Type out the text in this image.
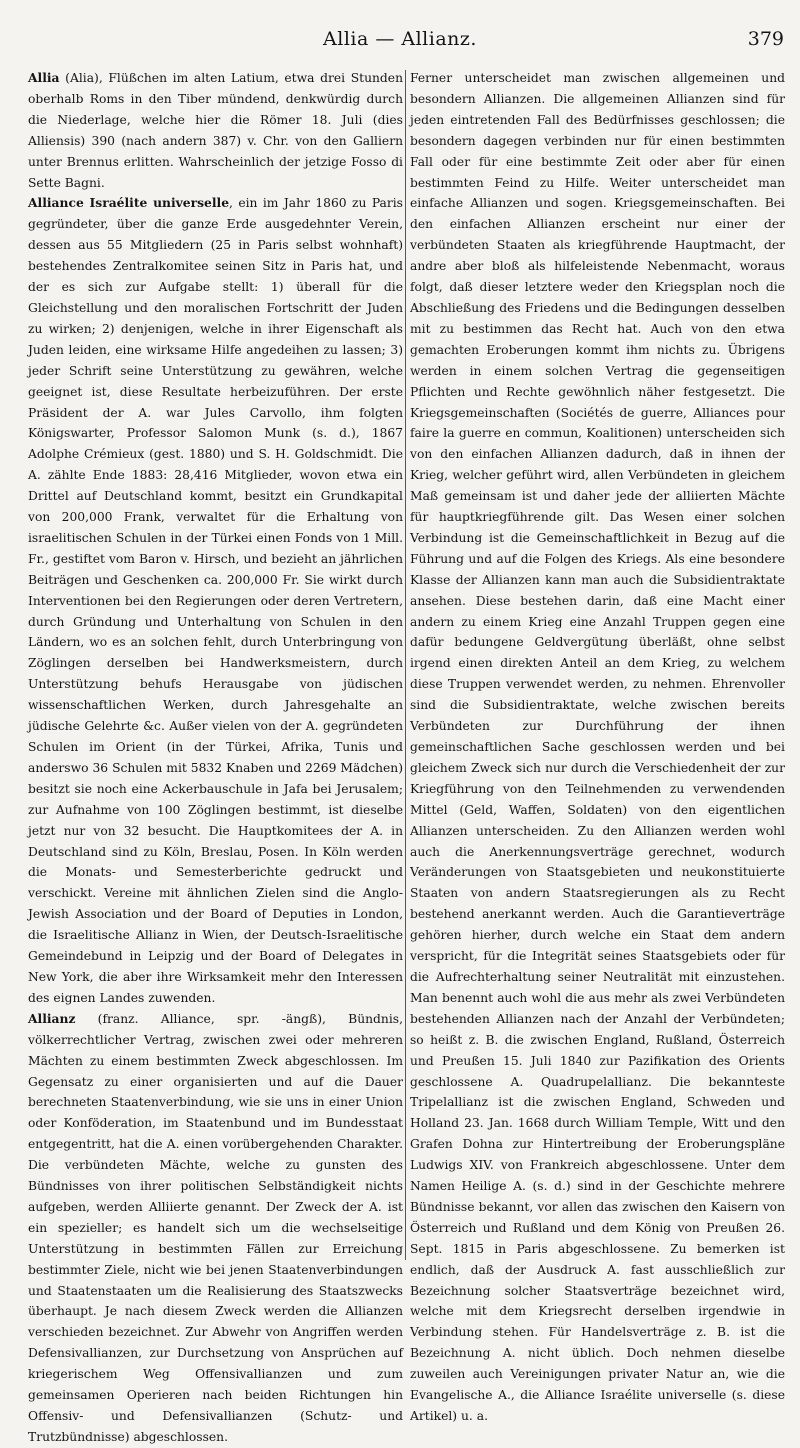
Allia — Allianz.	379

Allia (Alia), Flüßchen im alten Latium, etwa drei Stunden oberhalb Roms in den Tiber mündend, denkwürdig durch die Niederlage, welche hier die Römer 18. Juli (dies Alliensis) 390 (nach andern 387) v. Chr. von den Galliern unter Brennus erlitten. Wahrscheinlich der jetzige Fosso di Sette Bagni.

Alliance Israélite universelle, ein im Jahr 1860 zu Paris gegründeter, über die ganze Erde ausgedehnter Verein, dessen aus 55 Mitgliedern (25 in Paris selbst wohnhaft) bestehendes Zentralkomitee seinen Sitz in Paris hat, und der es sich zur Aufgabe stellt: 1) überall für die Gleichstellung und den moralischen Fortschritt der Juden zu wirken; 2) denjenigen, welche in ihrer Eigenschaft als Juden leiden, eine wirksame Hilfe angedeihen zu lassen; 3) jeder Schrift seine Unterstützung zu gewähren, welche geeignet ist, diese Resultate herbeizuführen. Der erste Präsident der A. war Jules Carvollo, ihm folgten Königswarter, Professor Salomon Munk (s. d.), 1867 Adolphe Crémieux (gest. 1880) und S. H. Goldschmidt. Die A. zählte Ende 1883: 28,416 Mitglieder, wovon etwa ein Drittel auf Deutschland kommt, besitzt ein Grundkapital von 200,000 Frank, verwaltet für die Erhaltung von israelitischen Schulen in der Türkei einen Fonds von 1 Mill. Fr., gestiftet vom Baron v. Hirsch, und bezieht an jährlichen Beiträgen und Geschenken ca. 200,000 Fr. Sie wirkt durch Interventionen bei den Regierungen oder deren Vertretern, durch Gründung und Unterhaltung von Schulen in den Ländern, wo es an solchen fehlt, durch Unterbringung von Zöglingen derselben bei Handwerksmeistern, durch Unterstützung behufs Herausgabe von jüdischen wissenschaftlichen Werken, durch Jahresgehalte an jüdische Gelehrte &c. Außer vielen von der A. gegründeten Schulen im Orient (in der Türkei, Afrika, Tunis und anderswo 36 Schulen mit 5832 Knaben und 2269 Mädchen) besitzt sie noch eine Ackerbauschule in Jafa bei Jerusalem; zur Aufnahme von 100 Zöglingen bestimmt, ist dieselbe jetzt nur von 32 besucht. Die Hauptkomitees der A. in Deutschland sind zu Köln, Breslau, Posen. In Köln werden die Monats- und Semesterberichte gedruckt und verschickt. Vereine mit ähnlichen Zielen sind die Anglo-Jewish Association und der Board of Deputies in London, die Israelitische Allianz in Wien, der Deutsch-Israelitische Gemeindebund in Leipzig und der Board of Delegates in New York, die aber ihre Wirksamkeit mehr den Interessen des eignen Landes zuwenden.

Allianz (franz. Alliance, spr. -ängß), Bündnis, völkerrechtlicher Vertrag, zwischen zwei oder mehreren Mächten zu einem bestimmten Zweck abgeschlossen. Im Gegensatz zu einer organisierten und auf die Dauer berechneten Staatenverbindung, wie sie uns in einer Union oder Konföderation, im Staatenbund und im Bundesstaat entgegentritt, hat die A. einen vorübergehenden Charakter. Die verbündeten Mächte, welche zu gunsten des Bündnisses von ihrer politischen Selbständigkeit nichts aufgeben, werden Alliierte genannt. Der Zweck der A. ist ein spezieller; es handelt sich um die wechselseitige Unterstützung in bestimmten Fällen zur Erreichung bestimmter Ziele, nicht wie bei jenen Staatenverbindungen und Staatenstaaten um die Realisierung des Staatszwecks überhaupt. Je nach diesem Zweck werden die Allianzen verschieden bezeichnet. Zur Abwehr von Angriffen werden Defensivallianzen, zur Durchsetzung von Ansprüchen auf kriegerischem Weg Offensivallianzen und zum gemeinsamen Operieren nach beiden Richtungen hin Offensiv- und Defensivallianzen (Schutz- und Trutzbündnisse) abgeschlossen.

Ferner unterscheidet man zwischen allgemeinen und besondern Allianzen. Die allgemeinen Allianzen sind für jeden eintretenden Fall des Bedürfnisses geschlossen; die besondern dagegen verbinden nur für einen bestimmten Fall oder für eine bestimmte Zeit oder aber für einen bestimmten Feind zu Hilfe. Weiter unterscheidet man einfache Allianzen und sogen. Kriegsgemeinschaften. Bei den einfachen Allianzen erscheint nur einer der verbündeten Staaten als kriegführende Hauptmacht, der andre aber bloß als hilfeleistende Nebenmacht, woraus folgt, daß dieser letztere weder den Kriegsplan noch die Abschließung des Friedens und die Bedingungen desselben mit zu bestimmen das Recht hat. Auch von den etwa gemachten Eroberungen kommt ihm nichts zu. Übrigens werden in einem solchen Vertrag die gegenseitigen Pflichten und Rechte gewöhnlich näher festgesetzt. Die Kriegsgemeinschaften (Sociétés de guerre, Alliances pour faire la guerre en commun, Koalitionen) unterscheiden sich von den einfachen Allianzen dadurch, daß in ihnen der Krieg, welcher geführt wird, allen Verbündeten in gleichem Maß gemeinsam ist und daher jede der alliierten Mächte für hauptkriegführende gilt. Das Wesen einer solchen Verbindung ist die Gemeinschaftlichkeit in Bezug auf die Führung und auf die Folgen des Kriegs. Als eine besondere Klasse der Allianzen kann man auch die Subsidientraktate ansehen. Diese bestehen darin, daß eine Macht einer andern zu einem Krieg eine Anzahl Truppen gegen eine dafür bedungene Geldvergütung überläßt, ohne selbst irgend einen direkten Anteil an dem Krieg, zu welchem diese Truppen verwendet werden, zu nehmen. Ehrenvoller sind die Subsidientraktate, welche zwischen bereits Verbündeten zur Durchführung der ihnen gemeinschaftlichen Sache geschlossen werden und bei gleichem Zweck sich nur durch die Verschiedenheit der zur Kriegführung von den Teilnehmenden zu verwendenden Mittel (Geld, Waffen, Soldaten) von den eigentlichen Allianzen unterscheiden. Zu den Allianzen werden wohl auch die Anerkennungsverträge gerechnet, wodurch Veränderungen von Staatsgebieten und neukonstituierte Staaten von andern Staatsregierungen als zu Recht bestehend anerkannt werden. Auch die Garantieverträge gehören hierher, durch welche ein Staat dem andern verspricht, für die Integrität seines Staatsgebiets oder für die Aufrechterhaltung seiner Neutralität mit einzustehen. Man benennt auch wohl die aus mehr als zwei Verbündeten bestehenden Allianzen nach der Anzahl der Verbündeten; so heißt z. B. die zwischen England, Rußland, Österreich und Preußen 15. Juli 1840 zur Pazifikation des Orients geschlossene A. Quadrupelallianz. Die bekannteste Tripelallianz ist die zwischen England, Schweden und Holland 23. Jan. 1668 durch William Temple, Witt und den Grafen Dohna zur Hintertreibung der Eroberungspläne Ludwigs XIV. von Frankreich abgeschlossene. Unter dem Namen Heilige A. (s. d.) sind in der Geschichte mehrere Bündnisse bekannt, vor allen das zwischen den Kaisern von Österreich und Rußland und dem König von Preußen 26. Sept. 1815 in Paris abgeschlossene. Zu bemerken ist endlich, daß der Ausdruck A. fast ausschließlich zur Bezeichnung solcher Staatsverträge bezeichnet wird, welche mit dem Kriegsrecht derselben irgendwie in Verbindung stehen. Für Handelsverträge z. B. ist die Bezeichnung A. nicht üblich. Doch nehmen dieselbe zuweilen auch Vereinigungen privater Natur an, wie die Evangelische A., die Alliance Israélite universelle (s. diese Artikel) u. a.
